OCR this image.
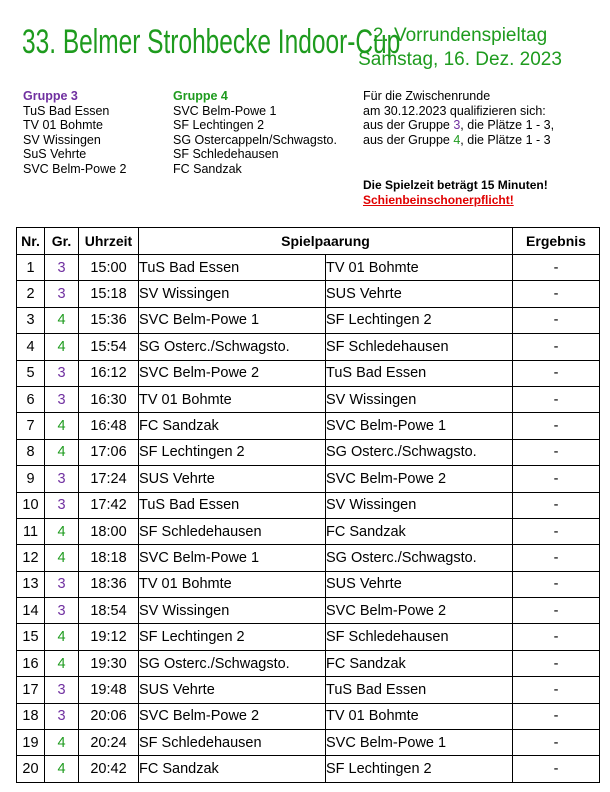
33. Belmer Strohbecke Indoor-Cup
2. Vorrundenspieltag
Samstag, 16. Dez. 2023
Gruppe 3
TuS Bad Essen
TV 01 Bohmte
SV Wissingen
SuS Vehrte
SVC Belm-Powe 2
Gruppe 4
SVC Belm-Powe 1
SF Lechtingen 2
SG Ostercappeln/Schwagsto.
SF Schledehausen
FC Sandzak
Für die Zwischenrunde
am 30.12.2023 qualifizieren sich:
aus der Gruppe 3, die Plätze 1 - 3,
aus der Gruppe 4, die Plätze 1 - 3
Die Spielzeit beträgt 15 Minuten!
Schienbeinschonerpflicht!
Nr.	Gr.	Uhrzeit	Spielpaarung		Ergebnis
1	3	15:00	TuS Bad Essen	TV 01 Bohmte	-
2	3	15:18	SV Wissingen	SUS Vehrte	-
3	4	15:36	SVC Belm-Powe 1	SF Lechtingen 2	-
4	4	15:54	SG Osterc./Schwagsto.	SF Schledehausen	-
5	3	16:12	SVC Belm-Powe 2	TuS Bad Essen	-
6	3	16:30	TV 01 Bohmte	SV Wissingen	-
7	4	16:48	FC Sandzak	SVC Belm-Powe 1	-
8	4	17:06	SF Lechtingen 2	SG Osterc./Schwagsto.	-
9	3	17:24	SUS Vehrte	SVC Belm-Powe 2	-
10	3	17:42	TuS Bad Essen	SV Wissingen	-
11	4	18:00	SF Schledehausen	FC Sandzak	-
12	4	18:18	SVC Belm-Powe 1	SG Osterc./Schwagsto.	-
13	3	18:36	TV 01 Bohmte	SUS Vehrte	-
14	3	18:54	SV Wissingen	SVC Belm-Powe 2	-
15	4	19:12	SF Lechtingen 2	SF Schledehausen	-
16	4	19:30	SG Osterc./Schwagsto.	FC Sandzak	-
17	3	19:48	SUS Vehrte	TuS Bad Essen	-
18	3	20:06	SVC Belm-Powe 2	TV 01 Bohmte	-
19	4	20:24	SF Schledehausen	SVC Belm-Powe 1	-
20	4	20:42	FC Sandzak	SF Lechtingen 2	-
